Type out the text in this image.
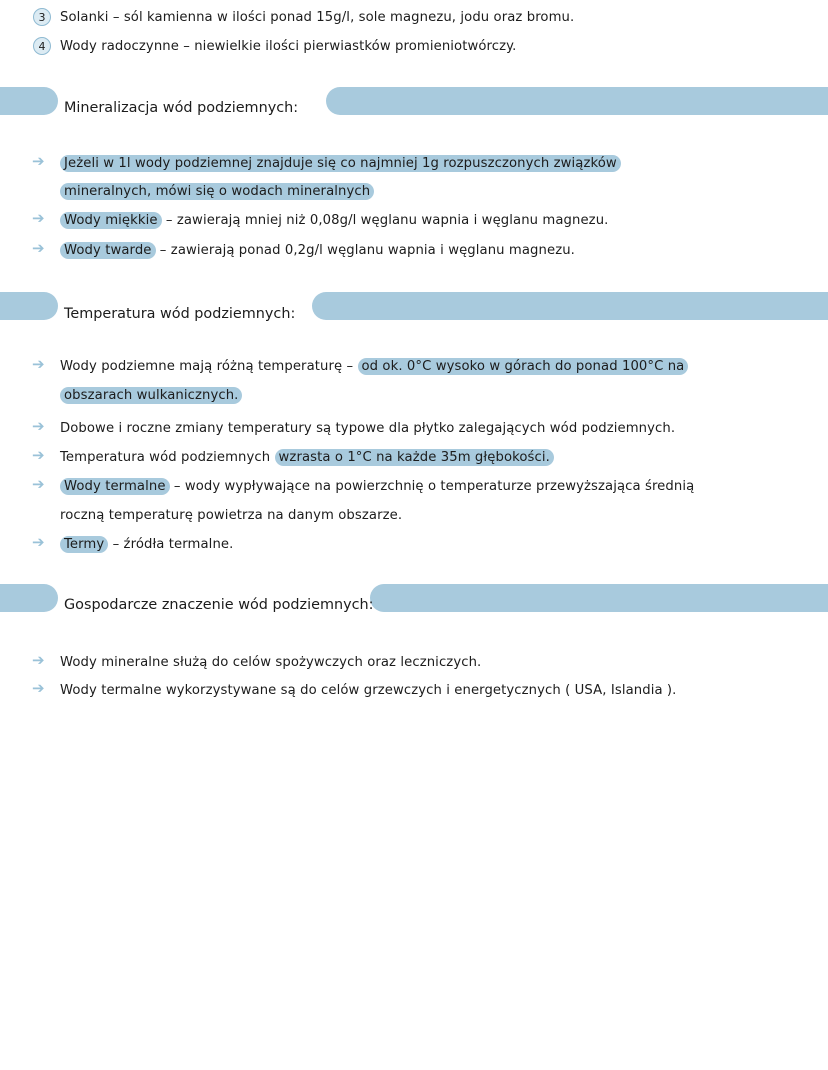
3	Solanki – sól kamienna w ilości ponad 15g/l, sole magnezu, jodu oraz bromu.
4	Wody radoczynne – niewielkie ilości pierwiastków promieniotwórczy.
Mineralizacja wód podziemnych:
➔	Jeżeli w 1l wody podziemnej znajduje się co najmniej 1g rozpuszczonych związków
mineralnych, mówi się o wodach mineralnych
➔	Wody miękkie – zawierają mniej niż 0,08g/l węglanu wapnia i węglanu magnezu.
➔	Wody twarde – zawierają ponad 0,2g/l węglanu wapnia i węglanu magnezu.
Temperatura wód podziemnych:
➔ Wody podziemne mają różną temperaturę – od ok. 0°C wysoko w górach do ponad 100°C na
obszarach wulkanicznych.
➔ Dobowe i roczne zmiany temperatury są typowe dla płytko zalegających wód podziemnych.
➔ Temperatura wód podziemnych wzrasta o 1°C na każde 35m głębokości.
➔	Wody termalne – wody wypływające na powierzchnię o temperaturze przewyższająca średnią
roczną temperaturę powietrza na danym obszarze.
➔	Termy – źródła termalne.
Gospodarcze znaczenie wód podziemnych:
➔ Wody mineralne służą do celów spożywczych oraz leczniczych.
➔ Wody termalne wykorzystywane są do celów grzewczych i energetycznych ( USA, Islandia ).
